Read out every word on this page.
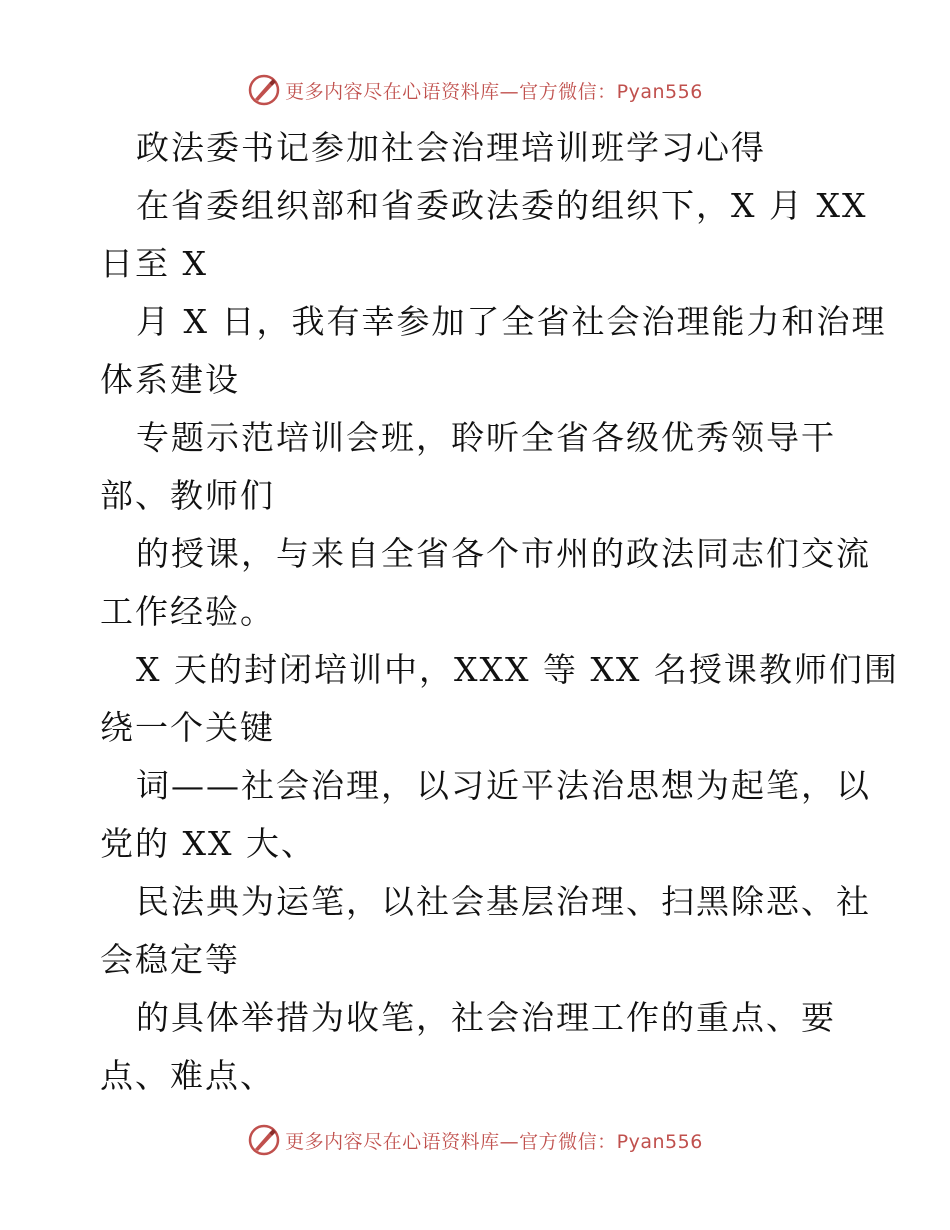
更多内容尽在心语资料库—官方微信：Pyan556
政法委书记参加社会治理培训班学习心得
在省委组织部和省委政法委的组织下，X 月 XX
日至 X
月 X 日，我有幸参加了全省社会治理能力和治理
体系建设
专题示范培训会班，聆听全省各级优秀领导干
部、教师们
的授课，与来自全省各个市州的政法同志们交流
工作经验。
X 天的封闭培训中，XXX 等 XX 名授课教师们围
绕一个关键
词——社会治理，以习近平法治思想为起笔，以
党的 XX 大、
民法典为运笔，以社会基层治理、扫黑除恶、社
会稳定等
的具体举措为收笔，社会治理工作的重点、要
点、难点、
更多内容尽在心语资料库—官方微信：Pyan556
